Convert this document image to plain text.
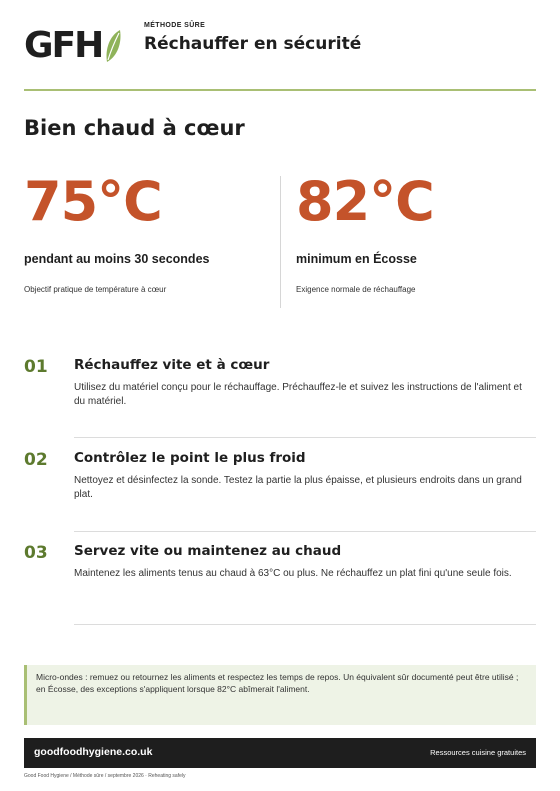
GFH	MÉTHODE SÛRE
Réchauffer en sécurité
Bien chaud à cœur
75°C
pendant au moins 30 secondes
Objectif pratique de température à cœur
82°C
minimum en Écosse
Exigence normale de réchauffage
01 Réchauffez vite et à cœur
Utilisez du matériel conçu pour le réchauffage. Préchauffez-le et suivez les instructions de l'aliment et du matériel.
02 Contrôlez le point le plus froid
Nettoyez et désinfectez la sonde. Testez la partie la plus épaisse, et plusieurs endroits dans un grand plat.
03 Servez vite ou maintenez au chaud
Maintenez les aliments tenus au chaud à 63°C ou plus. Ne réchauffez un plat fini qu'une seule fois.
Micro-ondes : remuez ou retournez les aliments et respectez les temps de repos. Un équivalent sûr documenté peut être utilisé ; en Écosse, des exceptions s'appliquent lorsque 82°C abîmerait l'aliment.
goodfoodhygiene.co.uk	Ressources cuisine gratuites
Good Food Hygiene / Méthode sûre / septembre 2026 · Reheating safely
